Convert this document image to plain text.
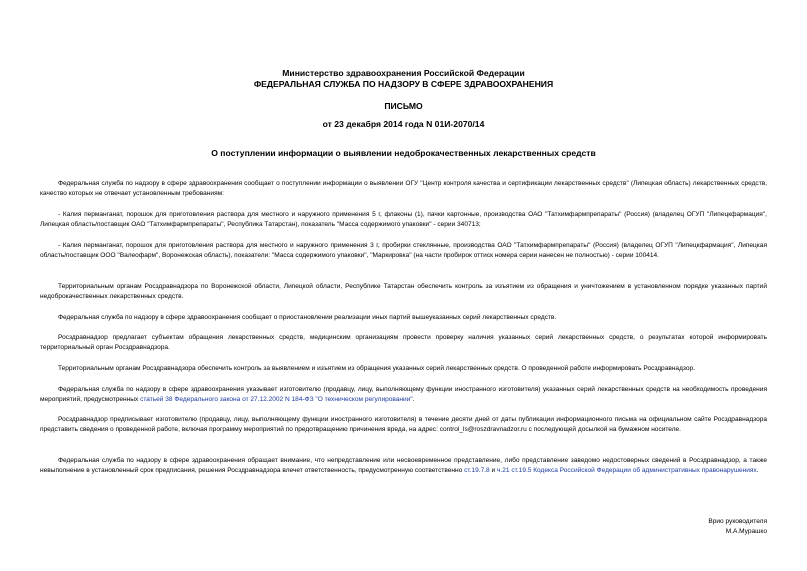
Министерство здравоохранения Российской Федерации
ФЕДЕРАЛЬНАЯ СЛУЖБА ПО НАДЗОРУ В СФЕРЕ ЗДРАВООХРАНЕНИЯ
ПИСЬМО
от 23 декабря 2014 года N 01И-2070/14
О поступлении информации о выявлении недоброкачественных лекарственных средств

Федеральная служба по надзору в сфере здравоохранения сообщает о поступлении информации о выявлении ОГУ "Центр контроля качества и сертификации лекарственных средств" (Липецкая область) лекарственных средств, качество которых не отвечает установленным требованиям:

- Калия перманганат, порошок для приготовления раствора для местного и наружного применения 5 г, флаконы (1), пачки картонные, производства ОАО "Татхимфармпрепараты" (Россия) (владелец ОГУП "Липецкфармация", Липецкая область/поставщик ОАО "Татхимфармпрепараты", Республика Татарстан), показатель "Масса содержимого упаковки" - серии 340713;

- Калия перманганат, порошок для приготовления раствора для местного и наружного применения 3 г, пробирки стеклянные, производства ОАО "Татхимфармпрепараты" (Россия) (владелец ОГУП "Липецкфармация", Липецкая область/поставщик ООО "Валеофарм", Воронежская область), показатели: "Масса содержимого упаковки", "Маркировка" (на части пробирок оттиск номера серии нанесен не полностью) - серии 100414.

Территориальным органам Росздравнадзора по Воронежской области, Липецкой области, Республике Татарстан обеспечить контроль за изъятием из обращения и уничтожением в установленном порядке указанных партий недоброкачественных лекарственных средств.

Федеральная служба по надзору в сфере здравоохранения сообщает о приостановлении реализации иных партий вышеуказанных серий лекарственных средств.

Росздравнадзор предлагает субъектам обращения лекарственных средств, медицинским организациям провести проверку наличия указанных серий лекарственных средств, о результатах которой информировать территориальный орган Росздравнадзора.

Территориальным органам Росздравнадзора обеспечить контроль за выявлением и изъятием из обращения указанных серий лекарственных средств. О проведенной работе информировать Росздравнадзор.

Федеральная служба по надзору в сфере здравоохранения указывает изготовителю (продавцу, лицу, выполняющему функции иностранного изготовителя) указанных серий лекарственных средств на необходимость проведения мероприятий, предусмотренных статьей 38 Федерального закона от 27.12.2002 N 184-ФЗ "О техническом регулировании".

Росздравнадзор предписывает изготовителю (продавцу, лицу, выполняющему функции иностранного изготовителя) в течение десяти дней от даты публикации информационного письма на официальном сайте Росздравнадзора представить сведения о проведенной работе, включая программу мероприятий по предотвращению причинения вреда, на адрес: control_ls@roszdravnadzor.ru с последующей досылкой на бумажном носителе.

Федеральная служба по надзору в сфере здравоохранения обращает внимание, что непредставление или несвоевременное представление, либо представление заведомо недостоверных сведений в Росздравнадзор, а также невыполнение в установленный срок предписания, решения Росздравнадзора влечет ответственность, предусмотренную соответственно ст.19.7.8 и ч.21 ст.19.5 Кодекса Российской Федерации об административных правонарушениях.

Врио руководителя
М.А.Мурашко
